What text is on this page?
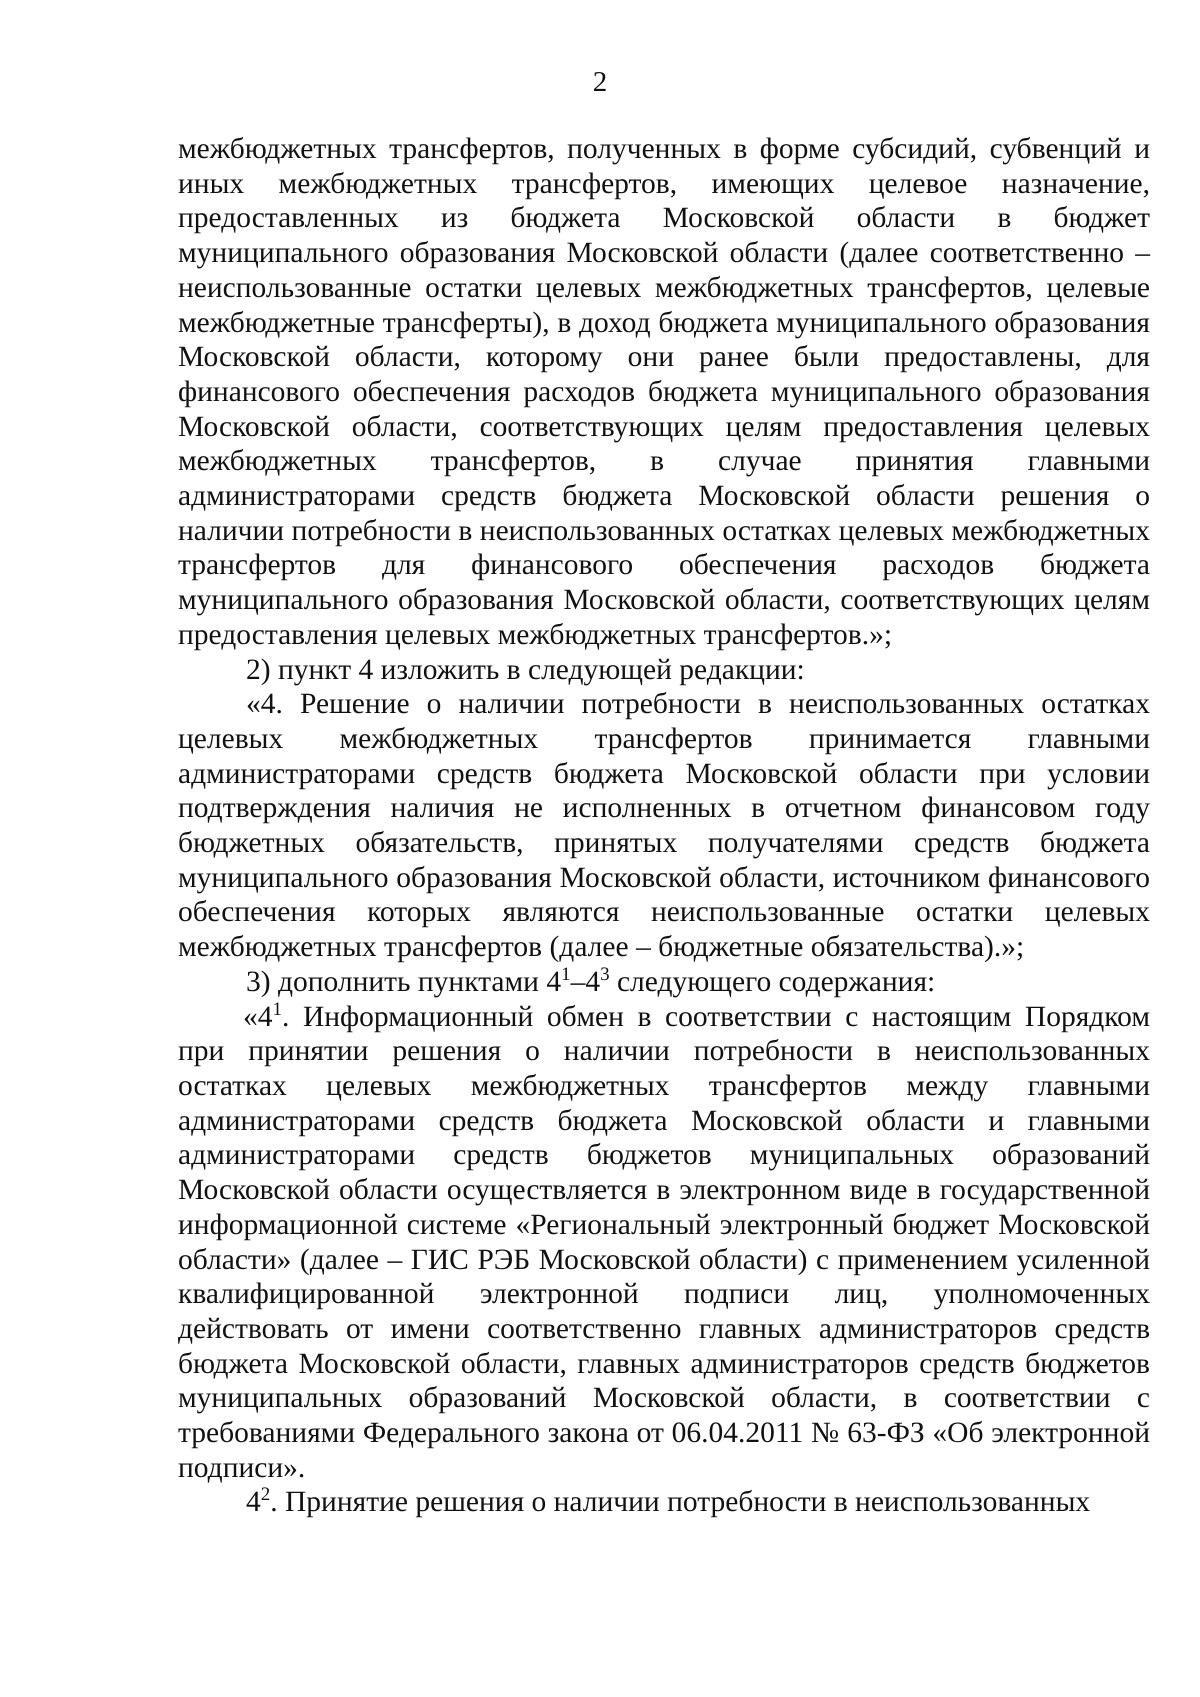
2

межбюджетных трансфертов, полученных в форме субсидий, субвенций и иных межбюджетных трансфертов, имеющих целевое назначение, предоставленных из бюджета Московской области в бюджет муниципального образования Московской области (далее соответственно – неиспользованные остатки целевых межбюджетных трансфертов, целевые межбюджетные трансферты), в доход бюджета муниципального образования Московской области, которому они ранее были предоставлены, для финансового обеспечения расходов бюджета муниципального образования Московской области, соответствующих целям предоставления целевых межбюджетных трансфертов, в случае принятия главными администраторами средств бюджета Московской области решения о наличии потребности в неиспользованных остатках целевых межбюджетных трансфертов для финансового обеспечения расходов бюджета муниципального образования Московской области, соответствующих целям предоставления целевых межбюджетных трансфертов.»;

2) пункт 4 изложить в следующей редакции:

«4. Решение о наличии потребности в неиспользованных остатках целевых межбюджетных трансфертов принимается главными администраторами средств бюджета Московской области при условии подтверждения наличия не исполненных в отчетном финансовом году бюджетных обязательств, принятых получателями средств бюджета муниципального образования Московской области, источником финансового обеспечения которых являются неиспользованные остатки целевых межбюджетных трансфертов (далее – бюджетные обязательства).»;

3) дополнить пунктами $4^1-4^3$ следующего содержания:

«$4^1$. Информационный обмен в соответствии с настоящим Порядком при принятии решения о наличии потребности в неиспользованных остатках целевых межбюджетных трансфертов между главными администраторами средств бюджета Московской области и главными администраторами средств бюджетов муниципальных образований Московской области осуществляется в электронном виде в государственной информационной системе «Региональный электронный бюджет Московской области» (далее – ГИС РЭБ Московской области) с применением усиленной квалифицированной электронной подписи лиц, уполномоченных действовать от имени соответственно главных администраторов средств бюджета Московской области, главных администраторов средств бюджетов муниципальных образований Московской области, в соответствии с требованиями Федерального закона от 06.04.2011 № 63-ФЗ «Об электронной подписи».

$4^2$. Принятие решения о наличии потребности в неиспользованных
